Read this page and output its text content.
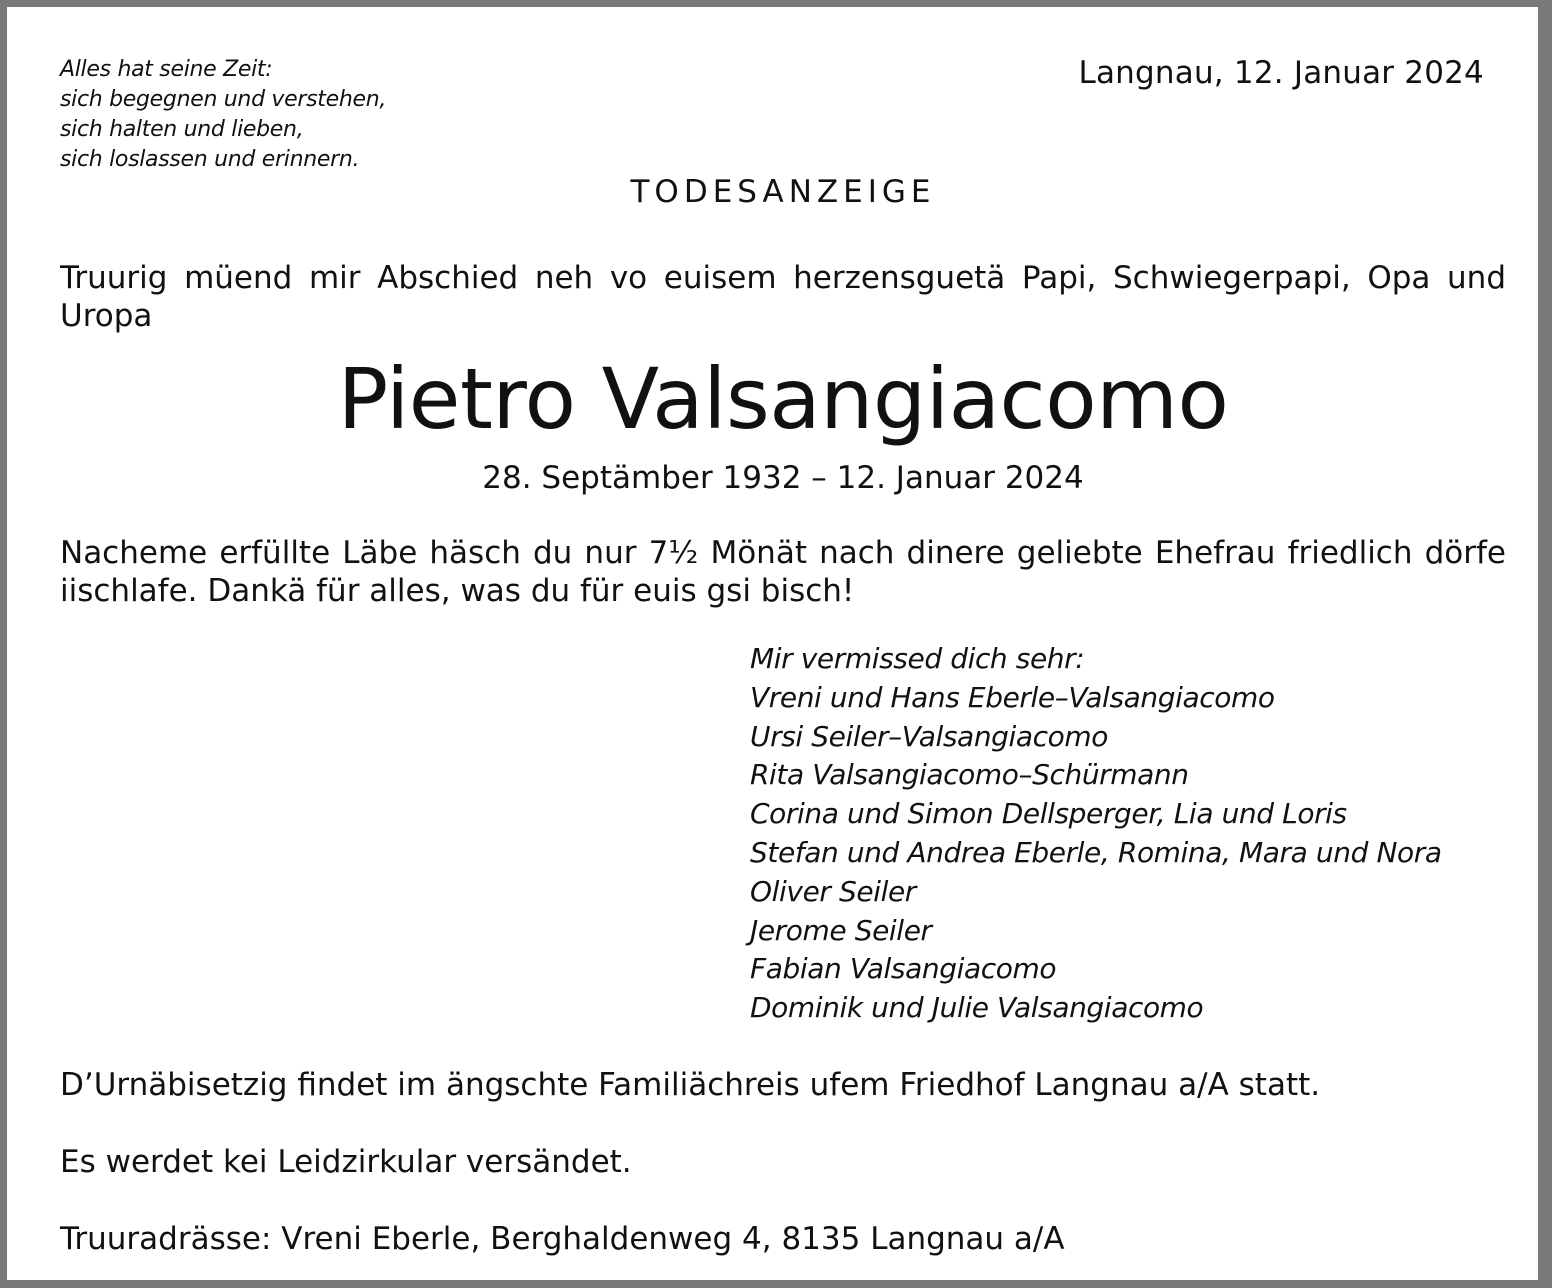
Alles hat seine Zeit:
sich begegnen und verstehen,
sich halten und lieben,
sich loslassen und erinnern.
Langnau, 12. Januar 2024
TODESANZEIGE
Truurig müend mir Abschied neh vo euisem herzensguetä Papi, Schwiegerpapi, Opa und Uropa
Pietro Valsangiacomo
28. Septämber 1932 – 12. Januar 2024
Nacheme erfüllte Läbe häsch du nur 7½ Mönät nach dinere geliebte Ehefrau friedlich dörfe iischlafe. Dankä für alles, was du für euis gsi bisch!
Mir vermissed dich sehr:
Vreni und Hans Eberle–Valsangiacomo
Ursi Seiler–Valsangiacomo
Rita Valsangiacomo–Schürmann
Corina und Simon Dellsperger, Lia und Loris
Stefan und Andrea Eberle, Romina, Mara und Nora
Oliver Seiler
Jerome Seiler
Fabian Valsangiacomo
Dominik und Julie Valsangiacomo
D’Urnäbisetzig findet im ängschte Familiächreis ufem Friedhof Langnau a/A statt.
Es werdet kei Leidzirkular versändet.
Truuradrässe: Vreni Eberle, Berghaldenweg 4, 8135 Langnau a/A
